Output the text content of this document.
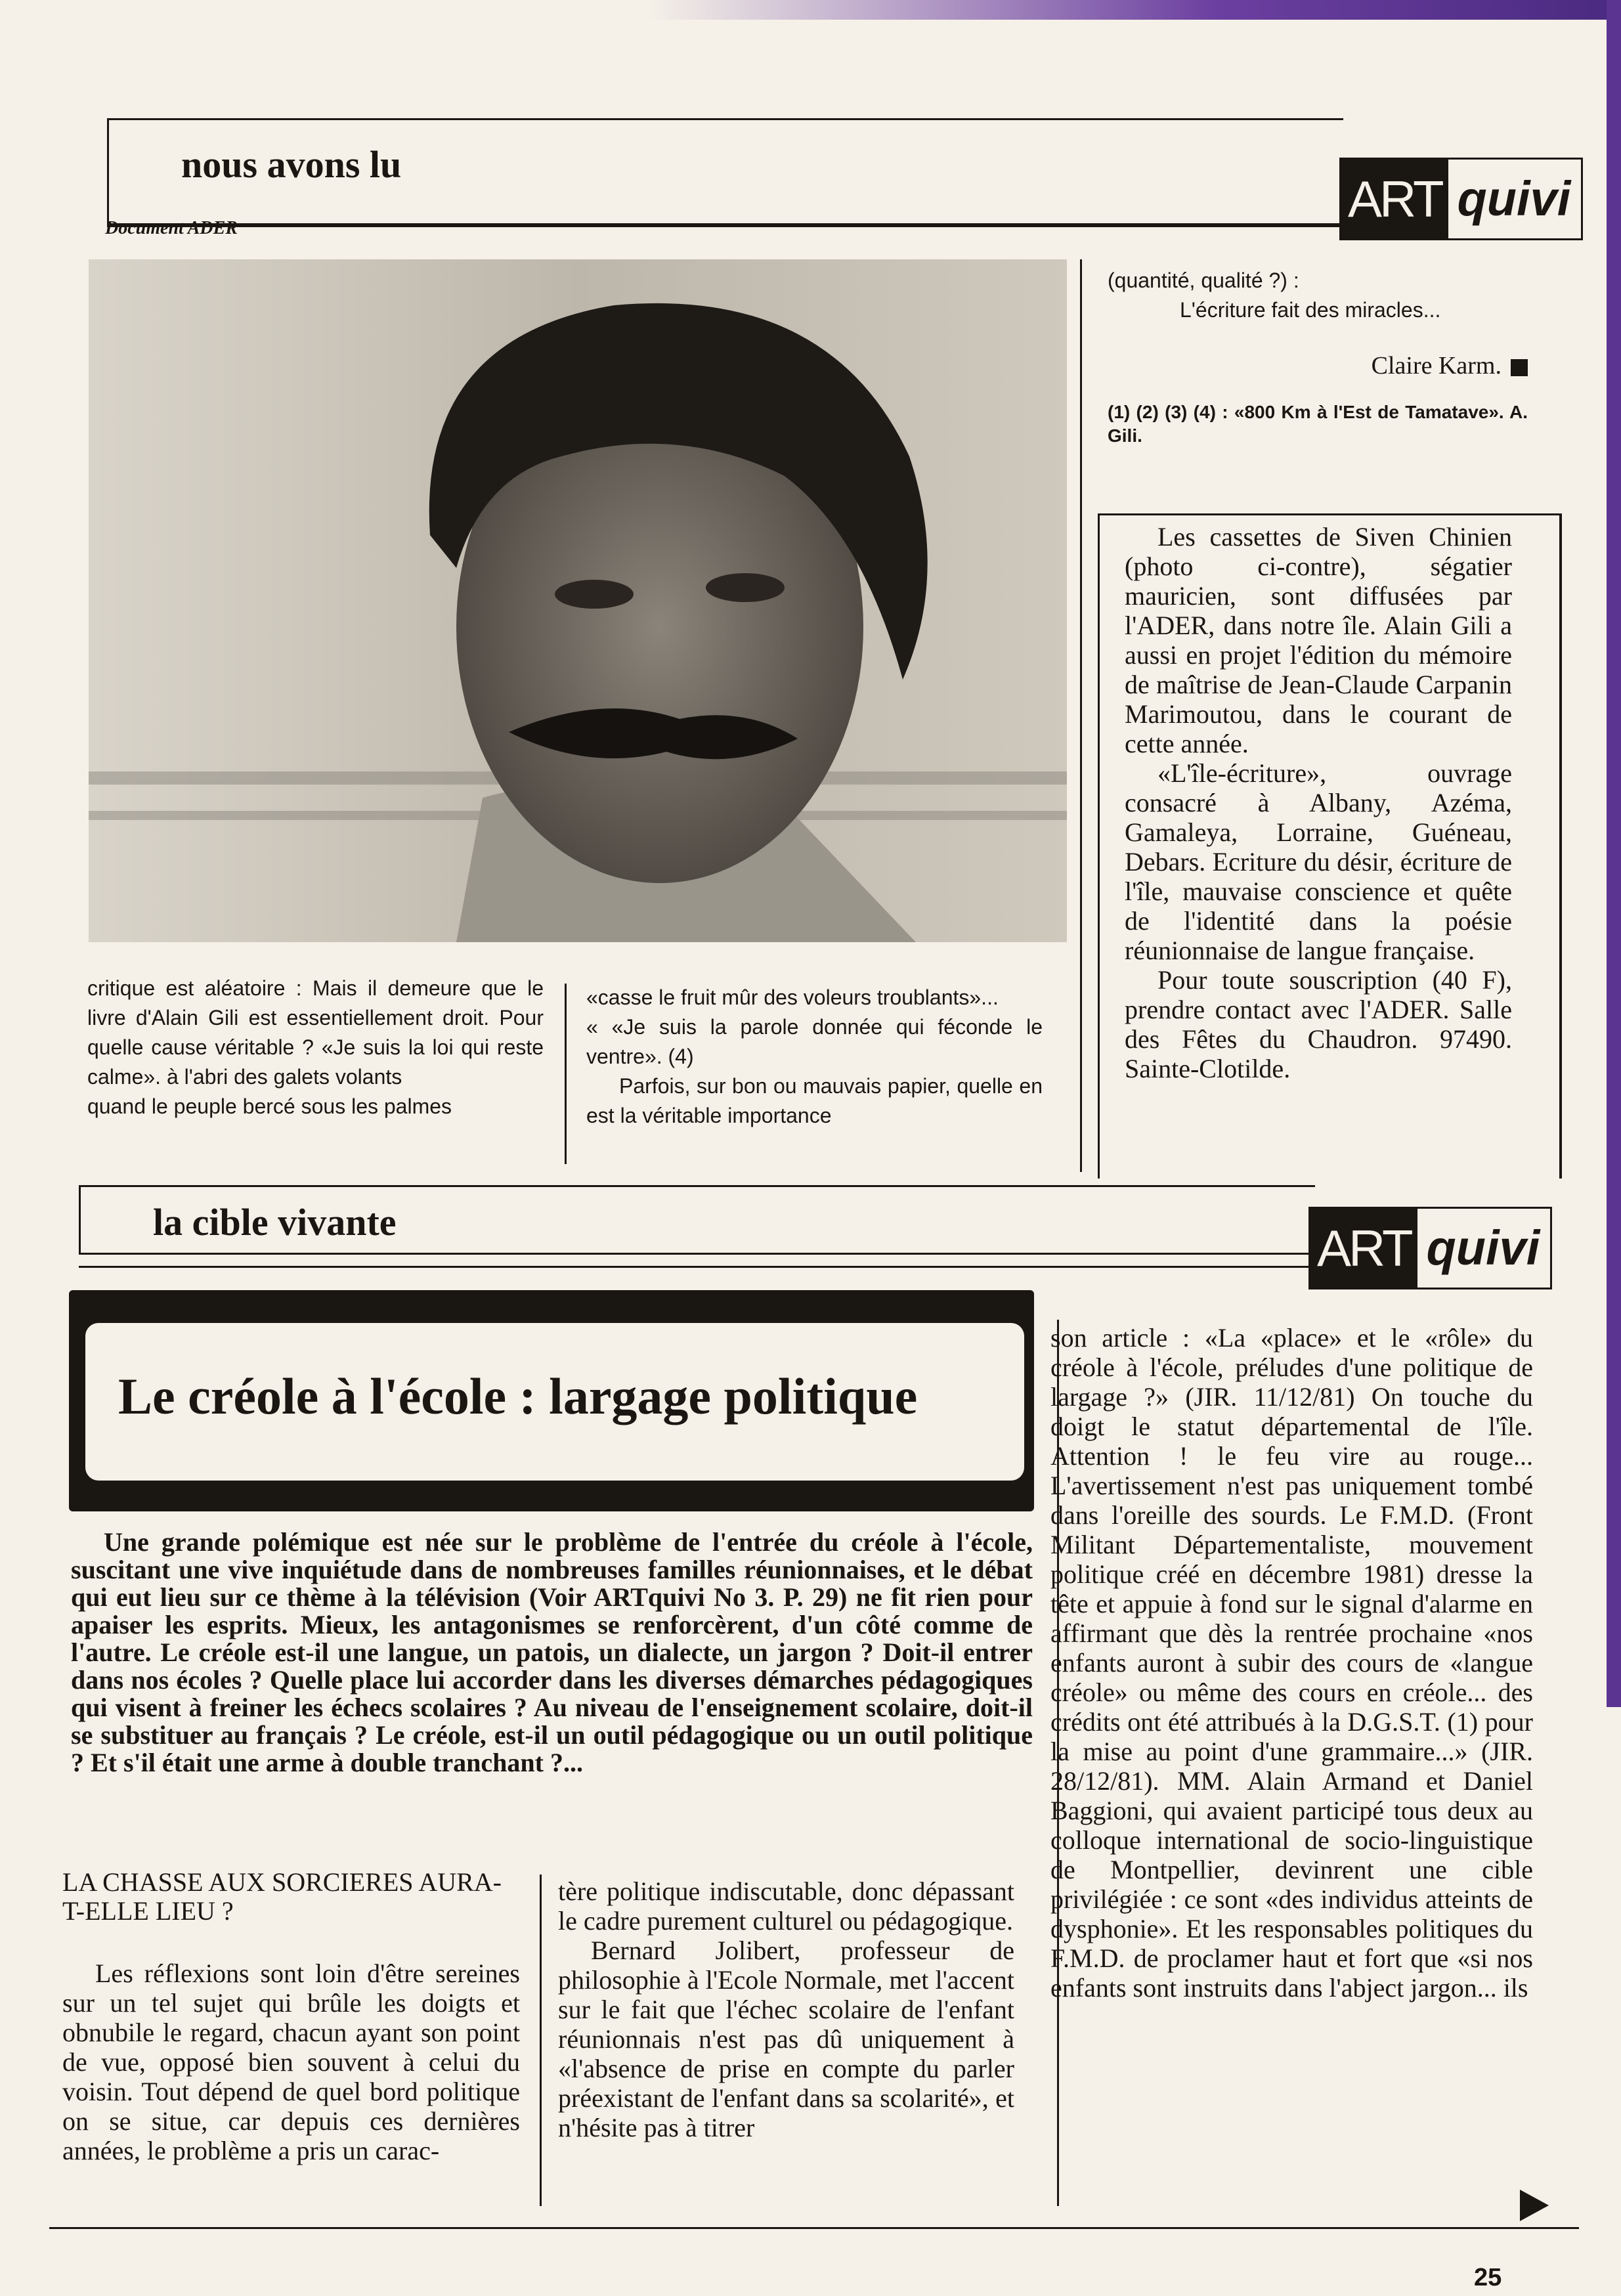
nous avons lu
ART quivi
Document ADER

critique est aléatoire : Mais il demeure que le livre d'Alain Gili est essentiellement droit. Pour quelle cause véritable ? «Je suis la loi qui reste calme». à l'abri des galets volants

quand le peuple bercé sous les palmes

«casse le fruit mûr des voleurs troublants»...

« «Je suis la parole donnée qui féconde le ventre». (4)

Parfois, sur bon ou mauvais papier, quelle en est la véritable importance

(quantité, qualité ?) :

L'écriture fait des miracles...

Claire Karm.

(1) (2) (3) (4) : «800 Km à l'Est de Tamatave». A. Gili.

Les cassettes de Siven Chinien (photo ci-contre), ségatier mauricien, sont diffusées par l'ADER, dans notre île. Alain Gili a aussi en projet l'édition du mémoire de maîtrise de Jean-Claude Carpanin Marimoutou, dans le courant de cette année.

«L'île-écriture», ouvrage consacré à Albany, Azéma, Gamaleya, Lorraine, Guéneau, Debars. Ecriture du désir, écriture de l'île, mauvaise conscience et quête de l'identité dans la poésie réunionnaise de langue française.

Pour toute souscription (40 F), prendre contact avec l'ADER. Salle des Fêtes du Chaudron. 97490. Sainte-Clotilde.

la cible vivante	ART quivi
Le créole à l'école : largage politique
Une grande polémique est née sur le problème de l'entrée du créole à l'école, suscitant une vive inquiétude dans de nombreuses familles réunionnaises, et le débat qui eut lieu sur ce thème à la télévision (Voir ARTquivi No 3. P. 29) ne fit rien pour apaiser les esprits. Mieux, les antagonismes se renforcèrent, d'un côté comme de l'autre. Le créole est-il une langue, un patois, un dialecte, un jargon ? Doit-il entrer dans nos écoles ? Quelle place lui accorder dans les diverses démarches pédagogiques qui visent à freiner les échecs scolaires ? Au niveau de l'enseignement scolaire, doit-il se substituer au français ? Le créole, est-il un outil pédagogique ou un outil politique ? Et s'il était une arme à double tranchant ?...

LA CHASSE AUX SORCIERES AURA-T-ELLE LIEU ?

Les réflexions sont loin d'être sereines sur un tel sujet qui brûle les doigts et obnubile le regard, chacun ayant son point de vue, opposé bien souvent à celui du voisin. Tout dépend de quel bord politique on se situe, car depuis ces dernières années, le problème a pris un carac-

tère politique indiscutable, donc dépassant le cadre purement culturel ou pédagogique.

Bernard Jolibert, professeur de philosophie à l'Ecole Normale, met l'accent sur le fait que l'échec scolaire de l'enfant réunionnais n'est pas dû uniquement à «l'absence de prise en compte du parler préexistant de l'enfant dans sa scolarité», et n'hésite pas à titrer

son article : «La «place» et le «rôle» du créole à l'école, préludes d'une politique de largage ?» (JIR. 11/12/81) On touche du doigt le statut départemental de l'île. Attention ! le feu vire au rouge... L'avertissement n'est pas uniquement tombé dans l'oreille des sourds. Le F.M.D. (Front Militant Départementaliste, mouvement politique créé en décembre 1981) dresse la tête et appuie à fond sur le signal d'alarme en affirmant que dès la rentrée prochaine «nos enfants auront à subir des cours de «langue créole» ou même des cours en créole... des crédits ont été attribués à la D.G.S.T. (1) pour la mise au point d'une grammaire...» (JIR. 28/12/81). MM. Alain Armand et Daniel Baggioni, qui avaient participé tous deux au colloque international de socio-linguistique de Montpellier, devinrent une cible privilégiée : ce sont «des individus atteints de dysphonie». Et les responsables politiques du F.M.D. de proclamer haut et fort que «si nos enfants sont instruits dans l'abject jargon... ils

25
